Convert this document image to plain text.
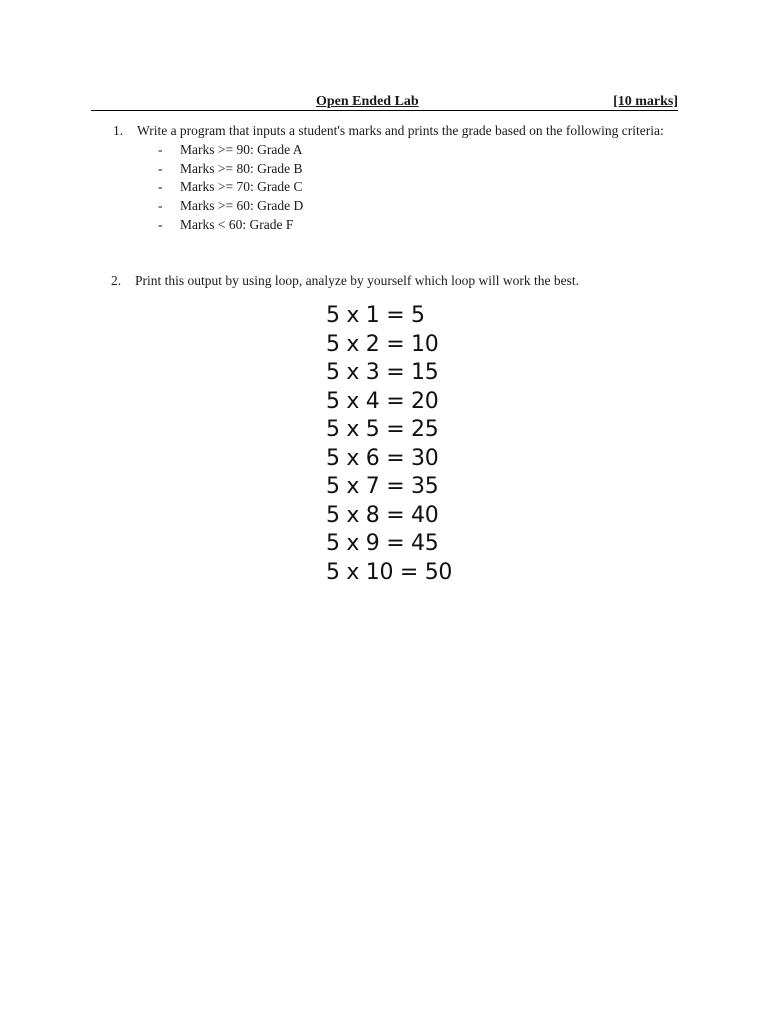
Open Ended Lab	[10 marks]
1. Write a program that inputs a student's marks and prints the grade based on the following criteria:
- Marks >= 90: Grade A
- Marks >= 80: Grade B
- Marks >= 70: Grade C
- Marks >= 60: Grade D
- Marks < 60: Grade F
2. Print this output by using loop, analyze by yourself which loop will work the best.
5 x 1 = 5
5 x 2 = 10
5 x 3 = 15
5 x 4 = 20
5 x 5 = 25
5 x 6 = 30
5 x 7 = 35
5 x 8 = 40
5 x 9 = 45
5 x 10 = 50
